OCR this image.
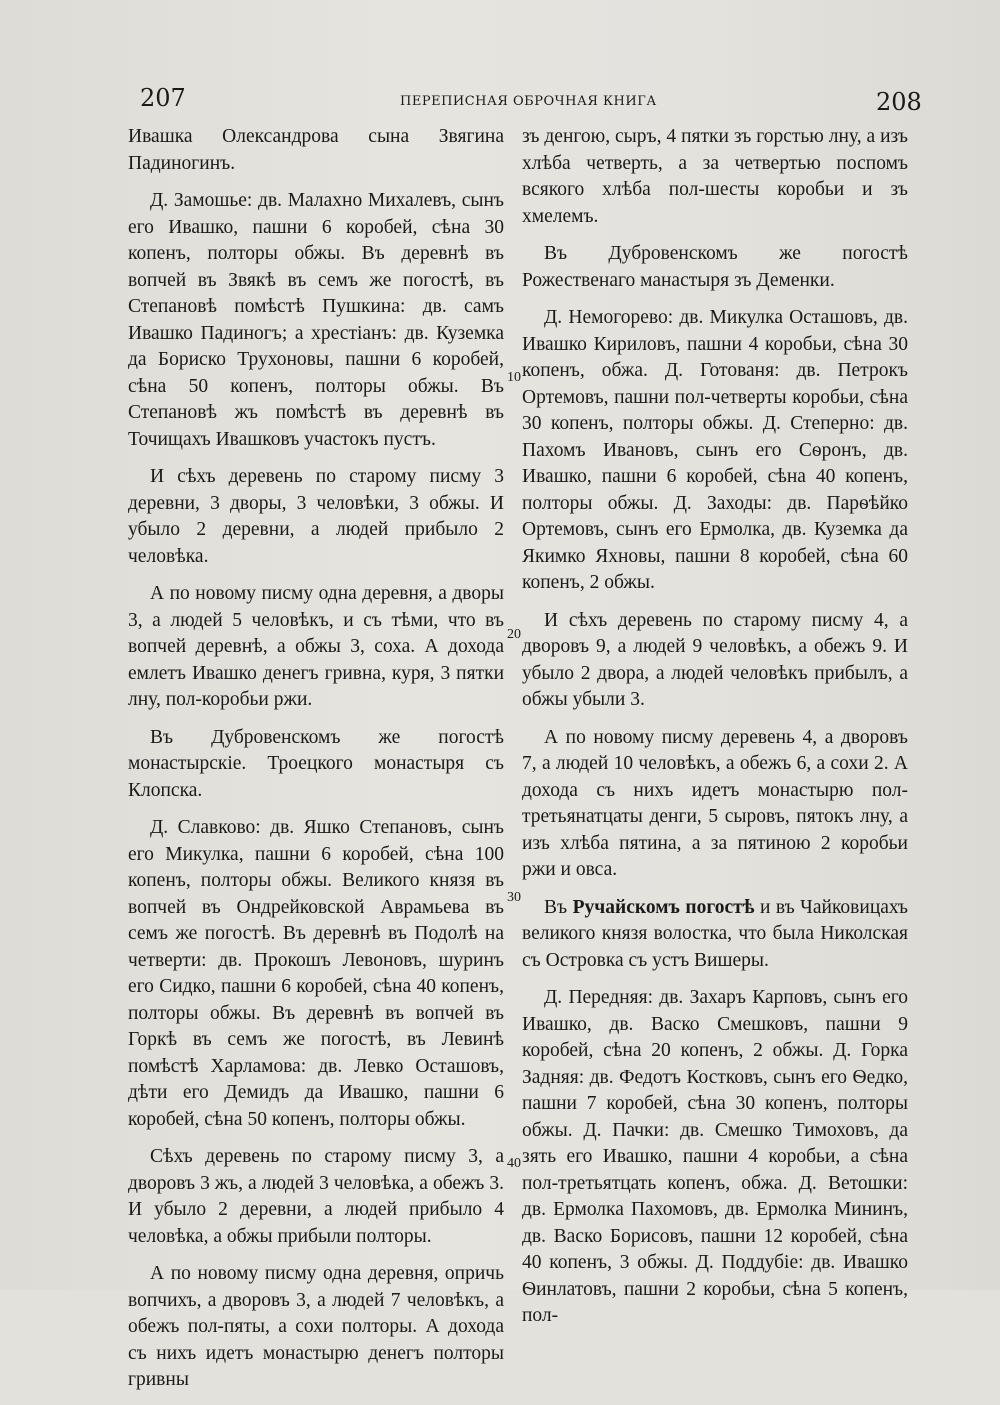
207	ПЕРЕПИСНАЯ ОБРОЧНАЯ КНИГА	208

Ивашка Олександрова сына Звягина Падиногинъ.

Д. Замошье: дв. Малахно Михалевъ, сынъ его Ивашко, пашни 6 коробей, сѣна 30 копенъ, полторы обжы. Въ деревнѣ въ вопчей въ Звякѣ въ семъ же погостѣ, въ Степановѣ помѣстѣ Пушкина: дв. самъ Ивашко Падиногъ; а хрестіанъ: дв. Куземка да Бориско Трухоновы, пашни 6 коробей, сѣна 50 копенъ, полторы обжы. Въ Степановѣ жъ помѣстѣ въ деревнѣ въ Точищахъ Ивашковъ участокъ пустъ.

И сѣхъ деревень по старому писму 3 деревни, 3 дворы, 3 человѣки, 3 обжы. И убыло 2 деревни, а людей прибыло 2 человѣка.

А по новому писму одна деревня, а дворы 3, а людей 5 человѣкъ, и съ тѣми, что въ вопчей деревнѣ, а обжы 3, соха. А дохода емлетъ Ивашко денегъ гривна, куря, 3 пятки лну, пол-коробьи ржи.

Въ Дубровенскомъ же погостѣ монастырскіе. Троецкого монастыря съ Клопска.

Д. Славково: дв. Яшко Степановъ, сынъ его Микулка, пашни 6 коробей, сѣна 100 копенъ, полторы обжы. Великого князя въ вопчей въ Ондрейковской Аврамьева въ семъ же погостѣ. Въ деревнѣ въ Подолѣ на четверти: дв. Прокошъ Левоновъ, шуринъ его Сидко, пашни 6 коробей, сѣна 40 копенъ, полторы обжы. Въ деревнѣ въ вопчей въ Горкѣ въ семъ же погостѣ, въ Левинѣ помѣстѣ Харламова: дв. Левко Осташовъ, дѣти его Демидъ да Ивашко, пашни 6 коробей, сѣна 50 копенъ, полторы обжы.

Сѣхъ деревень по старому писму 3, а дворовъ 3 жъ, а людей 3 человѣка, а обежъ 3. И убыло 2 деревни, а людей прибыло 4 человѣка, а обжы прибыли полторы.

А по новому писму одна деревня, опричь вопчихъ, а дворовъ 3, а людей 7 человѣкъ, а обежъ пол-пяты, а сохи полторы. А дохода съ нихъ идетъ монастырю денегъ полторы гривны

зъ денгою, сыръ, 4 пятки зъ горстью лну, а изъ хлѣба четверть, а за четвертью поспомъ всякого хлѣба пол-шесты коробьи и зъ хмелемъ.

Въ Дубровенскомъ же погостѣ Рожественаго манастыря зъ Деменки.

Д. Немогорево: дв. Микулка Осташовъ, дв. Ивашко Кириловъ, пашни 4 коробьи, сѣна 30 копенъ, обжа. Д. Готованя: дв. Петрокъ Ортемовъ, пашни пол-четверты коробьи, сѣна 30 копенъ, полторы обжы. Д. Степерно: дв. Пахомъ Ивановъ, сынъ его Сѳронъ, дв. Ивашко, пашни 6 коробей, сѣна 40 копенъ, полторы обжы. Д. Заходы: дв. Парѳѣйко Ортемовъ, сынъ его Ермолка, дв. Куземка да Якимко Яхновы, пашни 8 коробей, сѣна 60 копенъ, 2 обжы.

И сѣхъ деревень по старому писму 4, а дворовъ 9, а людей 9 человѣкъ, а обежъ 9. И убыло 2 двора, а людей человѣкъ прибылъ, а обжы убыли 3.

А по новому писму деревень 4, а дворовъ 7, а людей 10 человѣкъ, а обежъ 6, а сохи 2. А дохода съ нихъ идетъ монастырю пол-третьянатцаты денги, 5 сыровъ, пятокъ лну, а изъ хлѣба пятина, а за пятиною 2 коробьи ржи и овса.

Въ Ручайскомъ погостѣ и въ Чайковицахъ великого князя волостка, что была Николская съ Островка съ устъ Вишеры.

Д. Передняя: дв. Захаръ Карповъ, сынъ его Ивашко, дв. Васко Смешковъ, пашни 9 коробей, сѣна 20 копенъ, 2 обжы. Д. Горка Задняя: дв. Федотъ Костковъ, сынъ его Ѳедко, пашни 7 коробей, сѣна 30 копенъ, полторы обжы. Д. Пачки: дв. Смешко Тимоховъ, да зять его Ивашко, пашни 4 коробьи, а сѣна пол-третьятцать копенъ, обжа. Д. Ветошки: дв. Ермолка Пахомовъ, дв. Ермолка Мининъ, дв. Васко Борисовъ, пашни 12 коробей, сѣна 40 копенъ, 3 обжы. Д. Поддубіе: дв. Ивашко Ѳинлатовъ, пашни 2 коробьи, сѣна 5 копенъ, пол-

10
20
30
40
